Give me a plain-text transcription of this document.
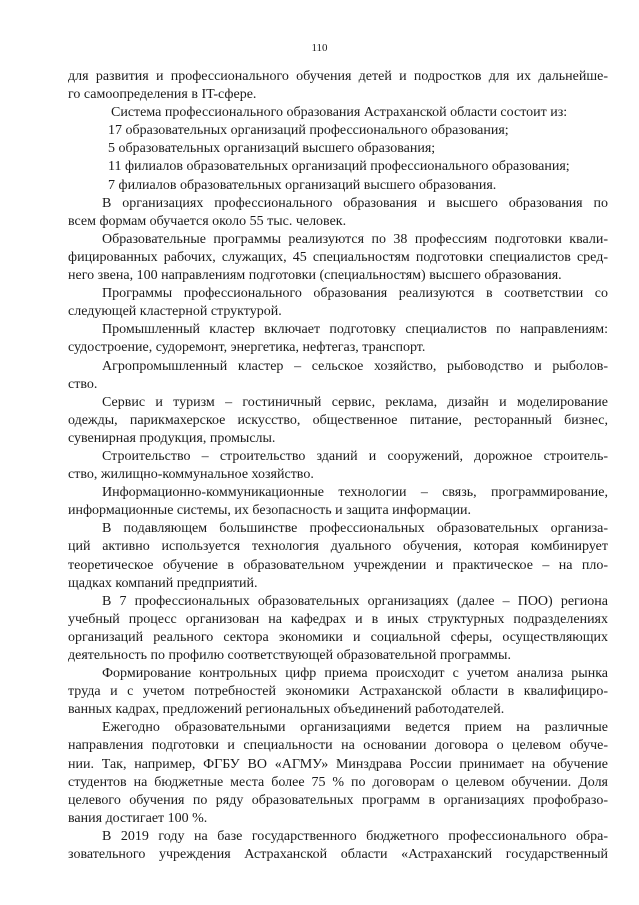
110
для развития и профессионального обучения детей и подростков для их дальнейше-
го самоопределения в IT-сфере.
Система профессионального образования Астраханской области состоит из:
17 образовательных организаций профессионального образования;
5 образовательных организаций высшего образования;
11 филиалов образовательных организаций профессионального образования;
7 филиалов образовательных организаций высшего образования.
В организациях профессионального образования и высшего образования по
всем формам обучается около 55 тыс. человек.
Образовательные программы реализуются по 38 профессиям подготовки квали-
фицированных рабочих, служащих, 45 специальностям подготовки специалистов сред-
него звена, 100 направлениям подготовки (специальностям) высшего образования.
Программы профессионального образования реализуются в соответствии со
следующей кластерной структурой.
Промышленный кластер включает подготовку специалистов по направлениям:
судостроение, судоремонт, энергетика, нефтегаз, транспорт.
Агропромышленный кластер – сельское хозяйство, рыбоводство и рыболов-
ство.
Сервис и туризм – гостиничный сервис, реклама, дизайн и моделирование
одежды, парикмахерское искусство, общественное питание, ресторанный бизнес,
сувенирная продукция, промыслы.
Строительство – строительство зданий и сооружений, дорожное строитель-
ство, жилищно-коммунальное хозяйство.
Информационно-коммуникационные технологии – связь, программирование,
информационные системы, их безопасность и защита информации.
В подавляющем большинстве профессиональных образовательных организа-
ций активно используется технология дуального обучения, которая комбинирует
теоретическое обучение в образовательном учреждении и практическое – на пло-
щадках компаний предприятий.
В 7 профессиональных образовательных организациях (далее – ПОО) региона
учебный процесс организован на кафедрах и в иных структурных подразделениях
организаций реального сектора экономики и социальной сферы, осуществляющих
деятельность по профилю соответствующей образовательной программы.
Формирование контрольных цифр приема происходит с учетом анализа рынка
труда и с учетом потребностей экономики Астраханской области в квалифициро-
ванных кадрах, предложений региональных объединений работодателей.
Ежегодно образовательными организациями ведется прием на различные
направления подготовки и специальности на основании договора о целевом обуче-
нии. Так, например, ФГБУ ВО «АГМУ» Минздрава России принимает на обучение
студентов на бюджетные места более 75 % по договорам о целевом обучении. Доля
целевого обучения по ряду образовательных программ в организациях профобразо-
вания достигает 100 %.
В 2019 году на базе государственного бюджетного профессионального обра-
зовательного учреждения Астраханской области «Астраханский государственный
